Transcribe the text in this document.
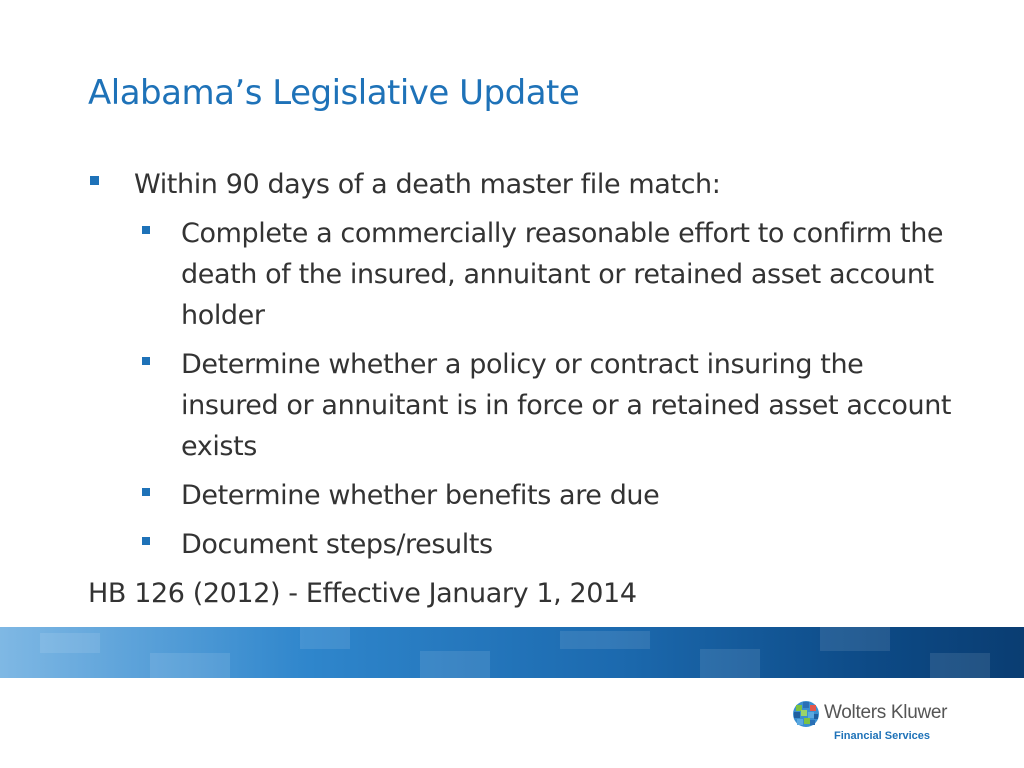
Alabama’s Legislative Update
Within 90 days of a death master file match:
Complete a commercially reasonable effort to confirm the death of the insured, annuitant or retained asset account holder
Determine whether a policy or contract insuring the insured or annuitant is in force or a retained asset account exists
Determine whether benefits are due
Document steps/results
HB 126 (2012) - Effective January 1, 2014
Wolters Kluwer
Financial Services
